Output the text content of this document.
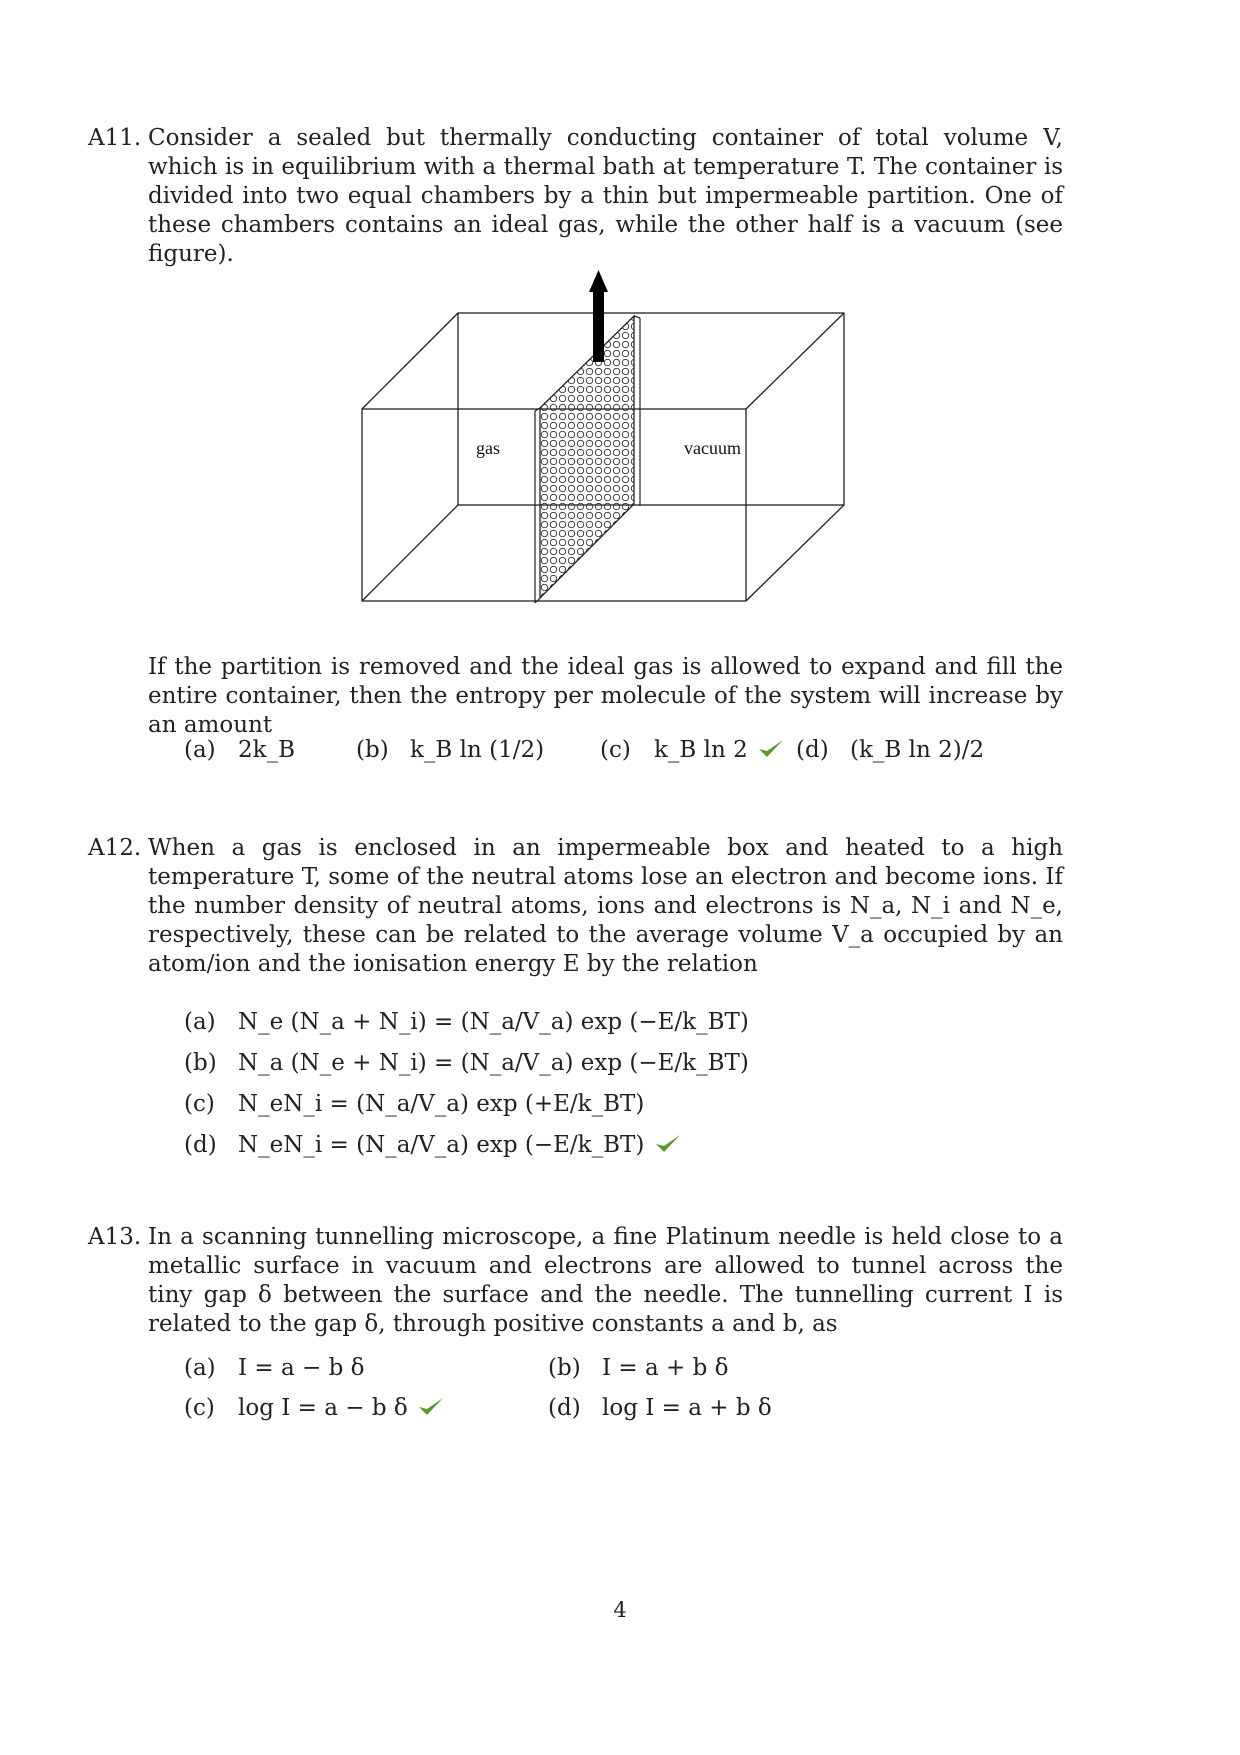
A11. Consider a sealed but thermally conducting container of total volume V, which is in equilibrium with a thermal bath at temperature T. The container is divided into two equal chambers by a thin but impermeable partition. One of these chambers contains an ideal gas, while the other half is a vacuum (see figure).
gas	vacuum
If the partition is removed and the ideal gas is allowed to expand and fill the entire container, then the entropy per molecule of the system will increase by an amount
(a) 2k_B	(b) k_B ln (1/2) (c) k_B ln 2	(d) (k_B ln 2)/2
A12. When a gas is enclosed in an impermeable box and heated to a high temperature T, some of the neutral atoms lose an electron and become ions. If the number density of neutral atoms, ions and electrons is N_a, N_i and N_e, respectively, these can be related to the average volume V_a occupied by an atom/ion and the ionisation energy E by the relation
(a) N_e (N_a + N_i) = (N_a/V_a) exp (−E/k_BT)
(b) N_a (N_e + N_i) = (N_a/V_a) exp (−E/k_BT)
(c) N_eN_i = (N_a/V_a) exp (+E/k_BT)
(d) N_eN_i = (N_a/V_a) exp (−E/k_BT)
A13. In a scanning tunnelling microscope, a fine Platinum needle is held close to a metallic surface in vacuum and electrons are allowed to tunnel across the tiny gap δ between the surface and the needle. The tunnelling current I is related to the gap δ, through positive constants a and b, as
(a) I = a − b δ	(b) I = a + b δ
(c) log I = a − b δ	(d) log I = a + b δ
4
